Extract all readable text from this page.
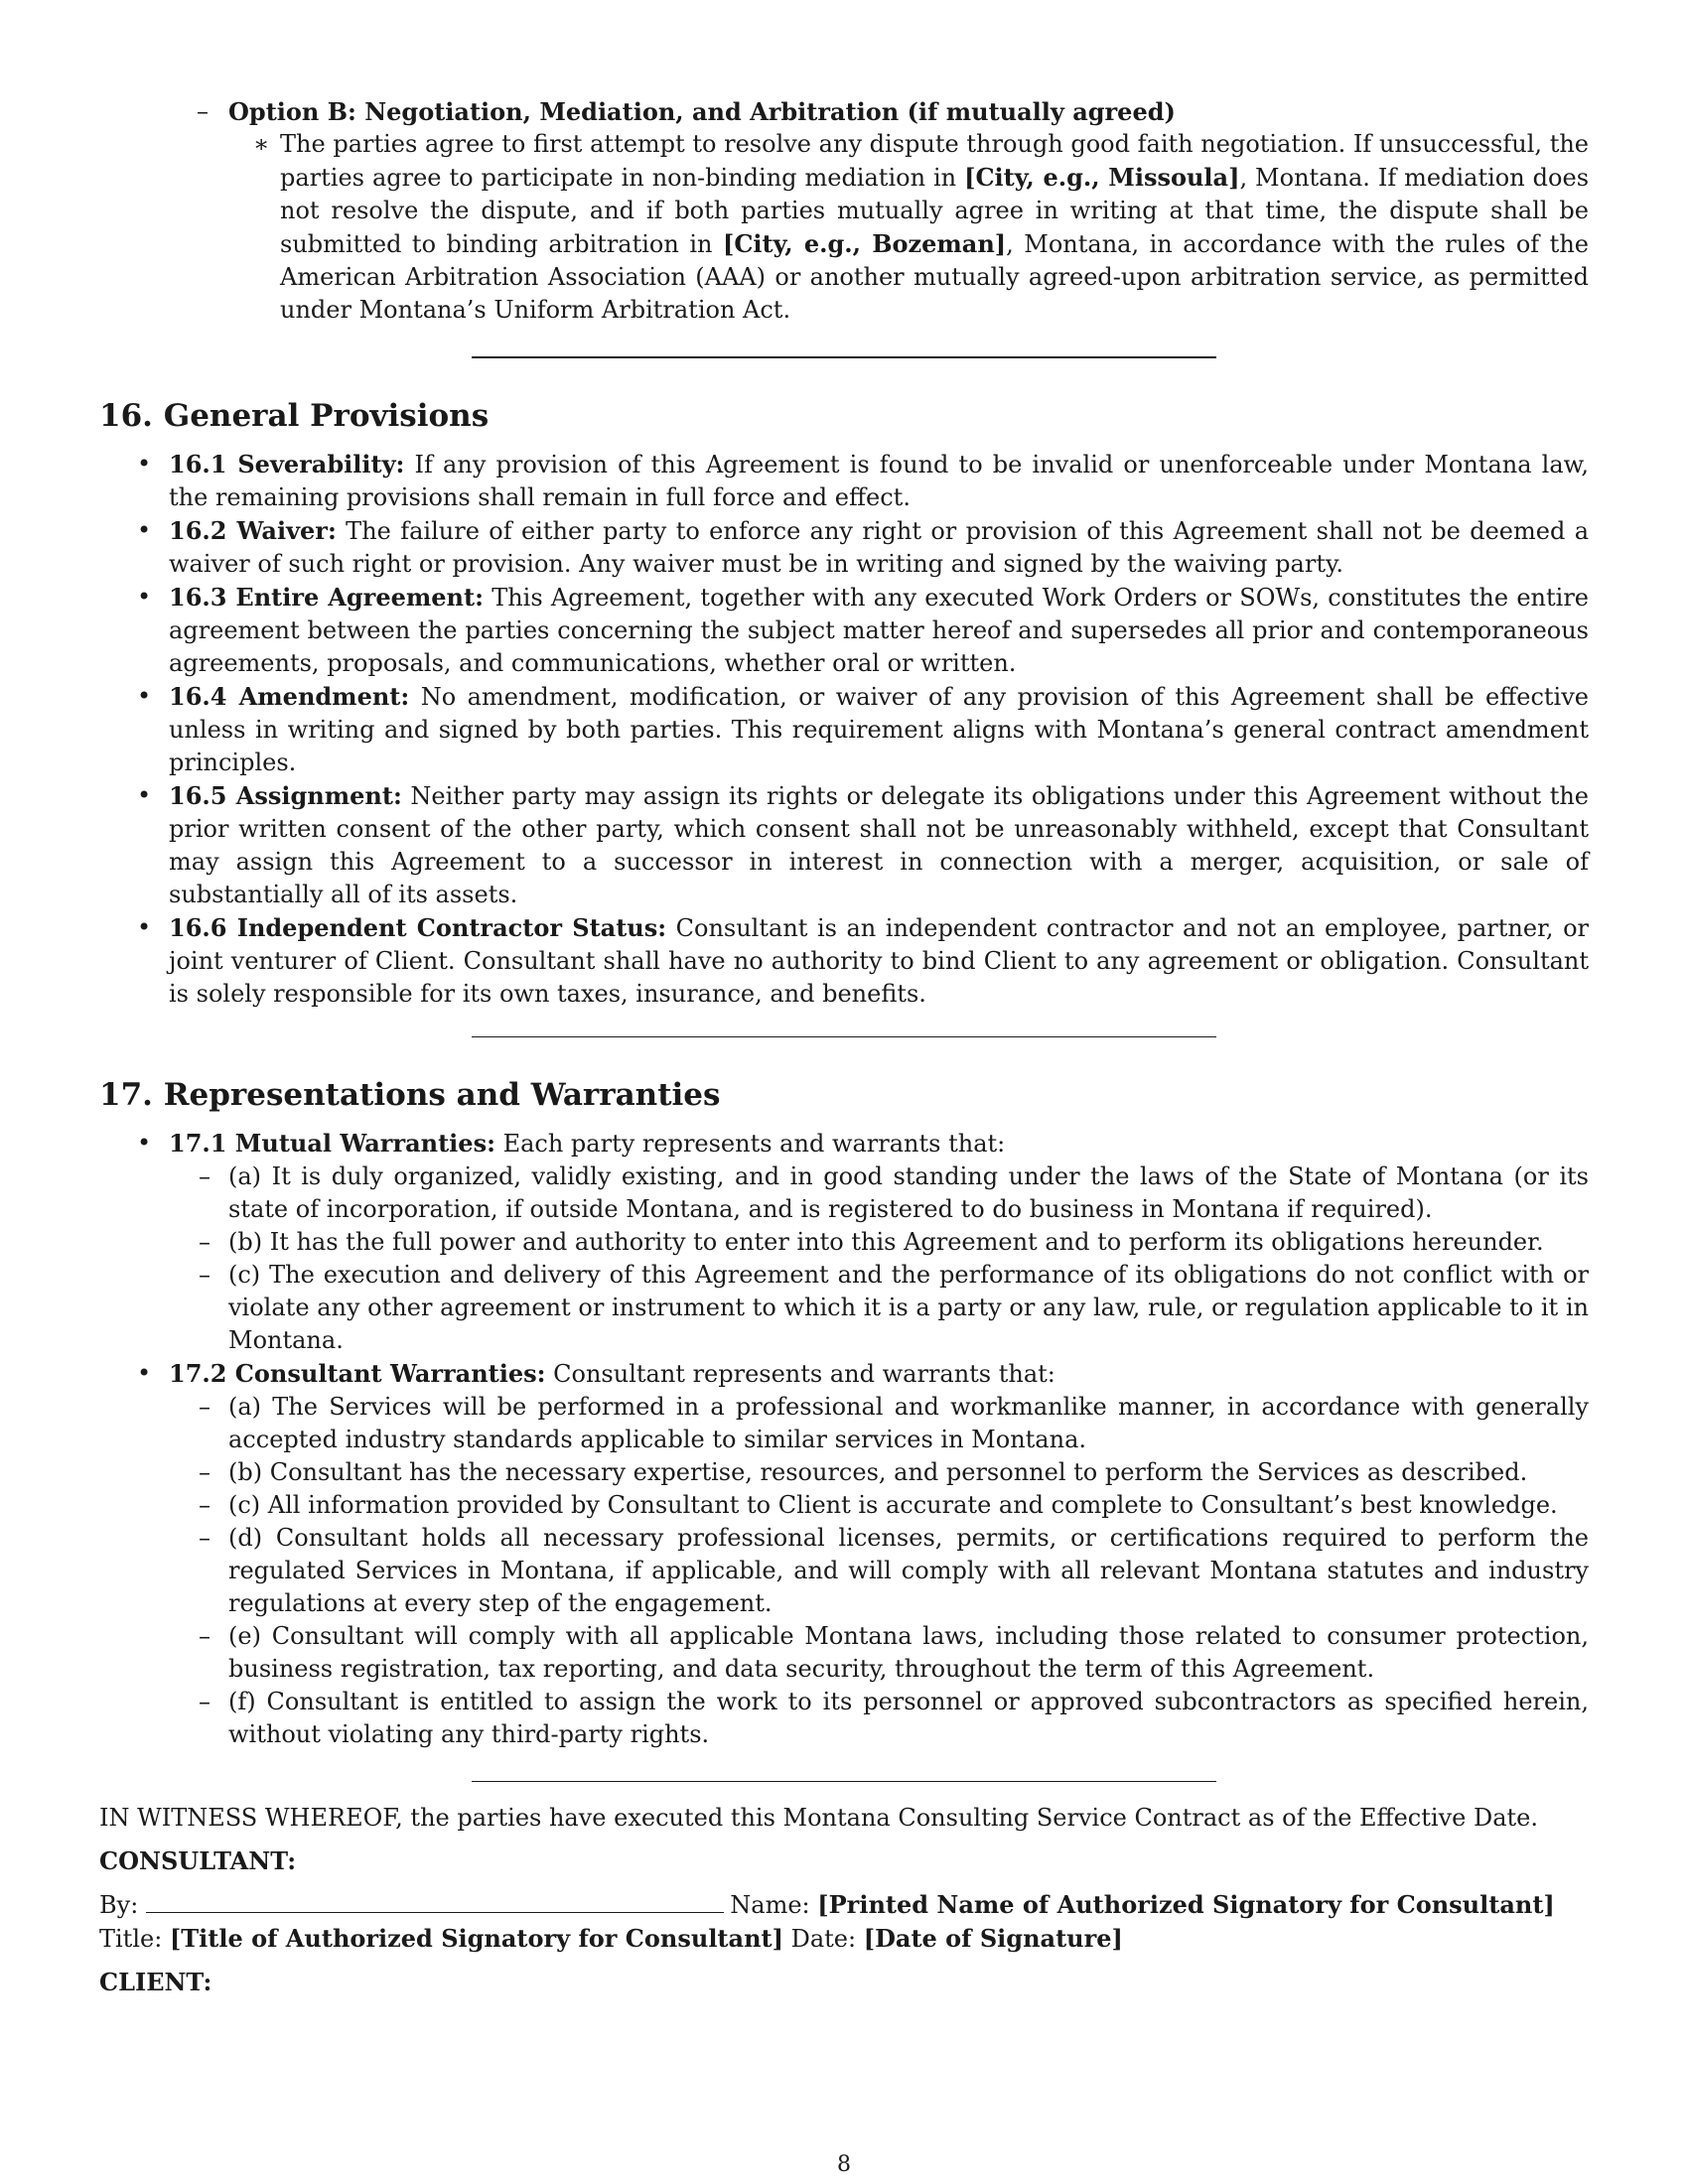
– Option B: Negotiation, Mediation, and Arbitration (if mutually agreed)

∗ The parties agree to first attempt to resolve any dispute through good faith negotiation. If unsuccessful, the parties agree to participate in non-binding mediation in [City, e.g., Missoula], Montana. If mediation does not resolve the dispute, and if both parties mutually agree in writing at that time, the dispute shall be submitted to binding arbitration in [City, e.g., Bozeman], Montana, in accordance with the rules of the American Arbitration Association (AAA) or another mutually agreed-upon arbitration service, as permitted under Montana’s Uniform Arbitration Act.

16. General Provisions
• 16.1 Severability: If any provision of this Agreement is found to be invalid or unenforceable under Montana law, the remaining provisions shall remain in full force and effect.
• 16.2 Waiver: The failure of either party to enforce any right or provision of this Agreement shall not be deemed a waiver of such right or provision. Any waiver must be in writing and signed by the waiving party.
• 16.3 Entire Agreement: This Agreement, together with any executed Work Orders or SOWs, constitutes the entire agreement between the parties concerning the subject matter hereof and supersedes all prior and contemporaneous agreements, proposals, and communications, whether oral or written.
• 16.4 Amendment: No amendment, modification, or waiver of any provision of this Agreement shall be effective unless in writing and signed by both parties. This requirement aligns with Montana’s general contract amendment principles.
• 16.5 Assignment: Neither party may assign its rights or delegate its obligations under this Agreement without the prior written consent of the other party, which consent shall not be unreasonably withheld, except that Consultant may assign this Agreement to a successor in interest in connection with a merger, acquisition, or sale of substantially all of its assets.
• 16.6 Independent Contractor Status: Consultant is an independent contractor and not an employee, partner, or joint venturer of Client. Consultant shall have no authority to bind Client to any agreement or obligation. Consultant is solely responsible for its own taxes, insurance, and benefits.
17. Representations and Warranties
• 17.1 Mutual Warranties: Each party represents and warrants that:
– (a) It is duly organized, validly existing, and in good standing under the laws of the State of Montana (or its state of incorporation, if outside Montana, and is registered to do business in Montana if required).
– (b) It has the full power and authority to enter into this Agreement and to perform its obligations hereunder.
– (c) The execution and delivery of this Agreement and the performance of its obligations do not conflict with or violate any other agreement or instrument to which it is a party or any law, rule, or regulation applicable to it in Montana.
• 17.2 Consultant Warranties: Consultant represents and warrants that:
– (a) The Services will be performed in a professional and workmanlike manner, in accordance with generally accepted industry standards applicable to similar services in Montana.
– (b) Consultant has the necessary expertise, resources, and personnel to perform the Services as described.
– (c) All information provided by Consultant to Client is accurate and complete to Consultant’s best knowledge.
– (d) Consultant holds all necessary professional licenses, permits, or certifications required to perform the regulated Services in Montana, if applicable, and will comply with all relevant Montana statutes and industry regulations at every step of the engagement.
– (e) Consultant will comply with all applicable Montana laws, including those related to consumer protection, business registration, tax reporting, and data security, throughout the term of this Agreement.
– (f) Consultant is entitled to assign the work to its personnel or approved subcontractors as specified herein, without violating any third-party rights.

IN WITNESS WHEREOF, the parties have executed this Montana Consulting Service Contract as of the Effective Date.

CONSULTANT:

By:	Name: [Printed Name of Authorized Signatory for Consultant]

Title: [Title of Authorized Signatory for Consultant] Date: [Date of Signature]

CLIENT:

8
